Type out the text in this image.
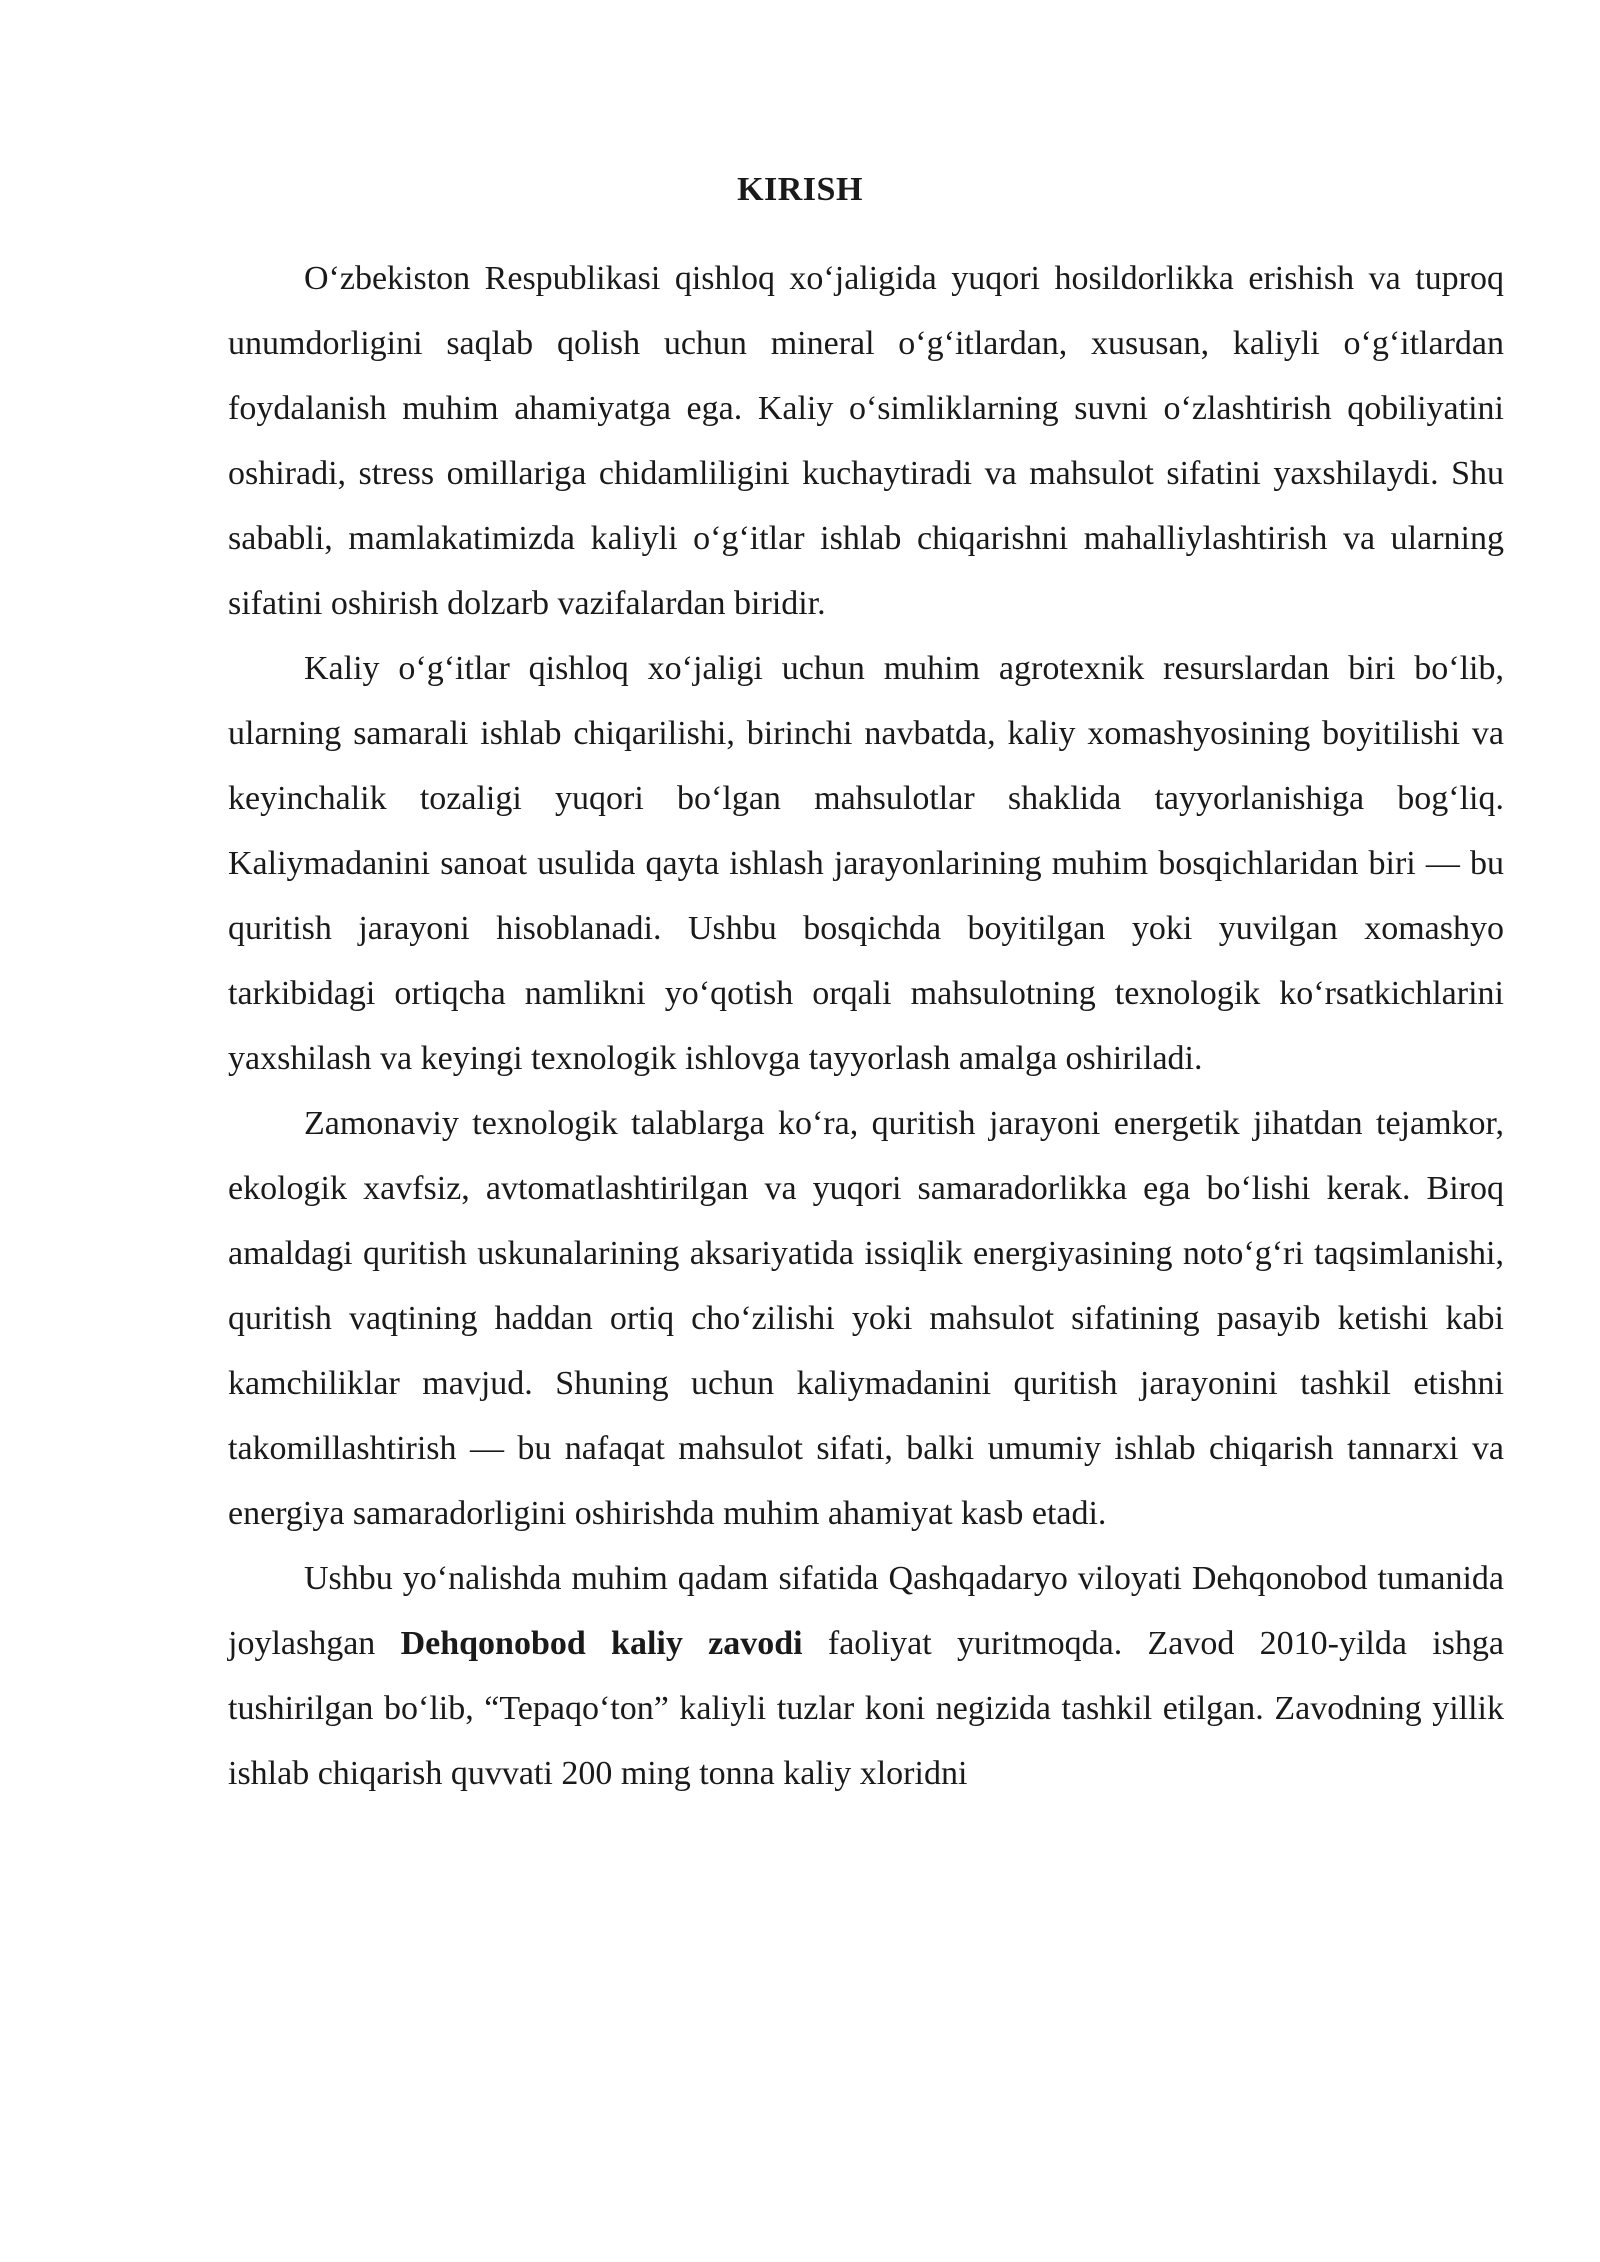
KIRISH

O‘zbekiston Respublikasi qishloq xo‘jaligida yuqori hosildorlikka erishish va tuproq unumdorligini saqlab qolish uchun mineral o‘g‘itlardan, xususan, kaliyli o‘g‘itlardan foydalanish muhim ahamiyatga ega. Kaliy o‘simliklarning suvni o‘zlashtirish qobiliyatini oshiradi, stress omillariga chidamliligini kuchaytiradi va mahsulot sifatini yaxshilaydi. Shu sababli, mamlakatimizda kaliyli o‘g‘itlar ishlab chiqarishni mahalliylashtirish va ularning sifatini oshirish dolzarb vazifalardan biridir.

Kaliy o‘g‘itlar qishloq xo‘jaligi uchun muhim agrotexnik resurslardan biri bo‘lib, ularning samarali ishlab chiqarilishi, birinchi navbatda, kaliy xomashyosining boyitilishi va keyinchalik tozaligi yuqori bo‘lgan mahsulotlar shaklida tayyorlanishiga bog‘liq. Kaliymadanini sanoat usulida qayta ishlash jarayonlarining muhim bosqichlaridan biri — bu quritish jarayoni hisoblanadi. Ushbu bosqichda boyitilgan yoki yuvilgan xomashyo tarkibidagi ortiqcha namlikni yo‘qotish orqali mahsulotning texnologik ko‘rsatkichlarini yaxshilash va keyingi texnologik ishlovga tayyorlash amalga oshiriladi.

Zamonaviy texnologik talablarga ko‘ra, quritish jarayoni energetik jihatdan tejamkor, ekologik xavfsiz, avtomatlashtirilgan va yuqori samaradorlikka ega bo‘lishi kerak. Biroq amaldagi quritish uskunalarining aksariyatida issiqlik energiyasining noto‘g‘ri taqsimlanishi, quritish vaqtining haddan ortiq cho‘zilishi yoki mahsulot sifatining pasayib ketishi kabi kamchiliklar mavjud. Shuning uchun kaliymadanini quritish jarayonini tashkil etishni takomillashtirish — bu nafaqat mahsulot sifati, balki umumiy ishlab chiqarish tannarxi va energiya samaradorligini oshirishda muhim ahamiyat kasb etadi.

Ushbu yo‘nalishda muhim qadam sifatida Qashqadaryo viloyati Dehqonobod tumanida joylashgan Dehqonobod kaliy zavodi faoliyat yuritmoqda. Zavod 2010-yilda ishga tushirilgan bo‘lib, “Tepaqo‘ton” kaliyli tuzlar koni negizida tashkil etilgan. Zavodning yillik ishlab chiqarish quvvati 200 ming tonna kaliy xloridni
